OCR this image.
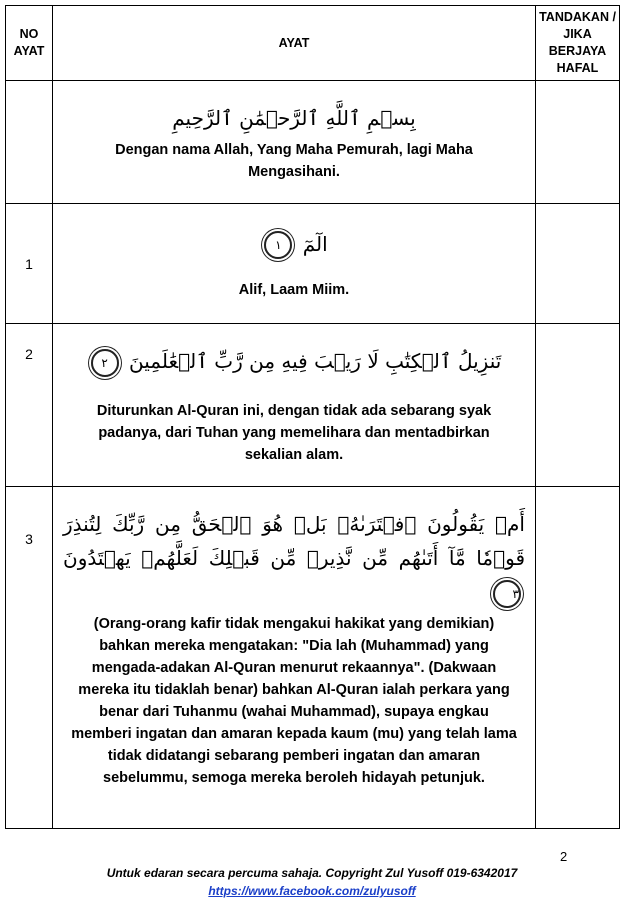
NO AYAT	AYAT	TANDAKAN / JIKA BERJAYA HAFAL

	بِسۡمِ ٱللَّهِ ٱلرَّحۡمَٰنِ ٱلرَّحِيمِ
Dengan nama Allah, Yang Maha Pemurah, lagi Maha Mengasihani.	

1	الٓمٓ ١
Alif, Laam Miim.	

2	تَنزِيلُ ٱلۡكِتَٰبِ لَا رَيۡبَ فِيهِ مِن رَّبِّ ٱلۡعَٰلَمِينَ ٢
Diturunkan Al-Quran ini, dengan tidak ada sebarang syak padanya, dari Tuhan yang memelihara dan mentadbirkan sekalian alam.	

3	أَمۡ يَقُولُونَ ٱفۡتَرَىٰهُۚ بَلۡ هُوَ ٱلۡحَقُّ مِن رَّبِّكَ لِتُنذِرَ قَوۡمٗا مَّآ أَتَىٰهُم مِّن نَّذِيرٖ مِّن قَبۡلِكَ لَعَلَّهُمۡ يَهۡتَدُونَ ٣
(Orang-orang kafir tidak mengakui hakikat yang demikian) bahkan mereka mengatakan: "Dia lah (Muhammad) yang mengada-adakan Al-Quran menurut rekaannya". (Dakwaan mereka itu tidaklah benar) bahkan Al-Quran ialah perkara yang benar dari Tuhanmu (wahai Muhammad), supaya engkau memberi ingatan dan amaran kepada kaum (mu) yang telah lama tidak didatangi sebarang pemberi ingatan dan amaran sebelummu, semoga mereka beroleh hidayah petunjuk.	

2
Untuk edaran secara percuma sahaja. Copyright Zul Yusoff 019-6342017
https://www.facebook.com/zulyusoff
